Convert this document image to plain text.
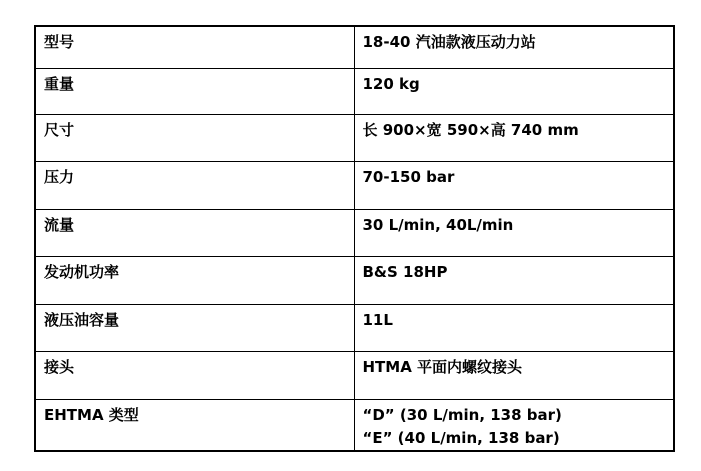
型号	18-40 汽油款液压动力站
重量	120 kg
尺寸	长 900×宽 590×高 740 mm
压力	70-150 bar
流量	30 L/min, 40L/min
发动机功率	B&S 18HP
液压油容量	11L
接头	HTMA 平面内螺纹接头
EHTMA 类型	“D” (30 L/min, 138 bar)
“E” (40 L/min, 138 bar)
